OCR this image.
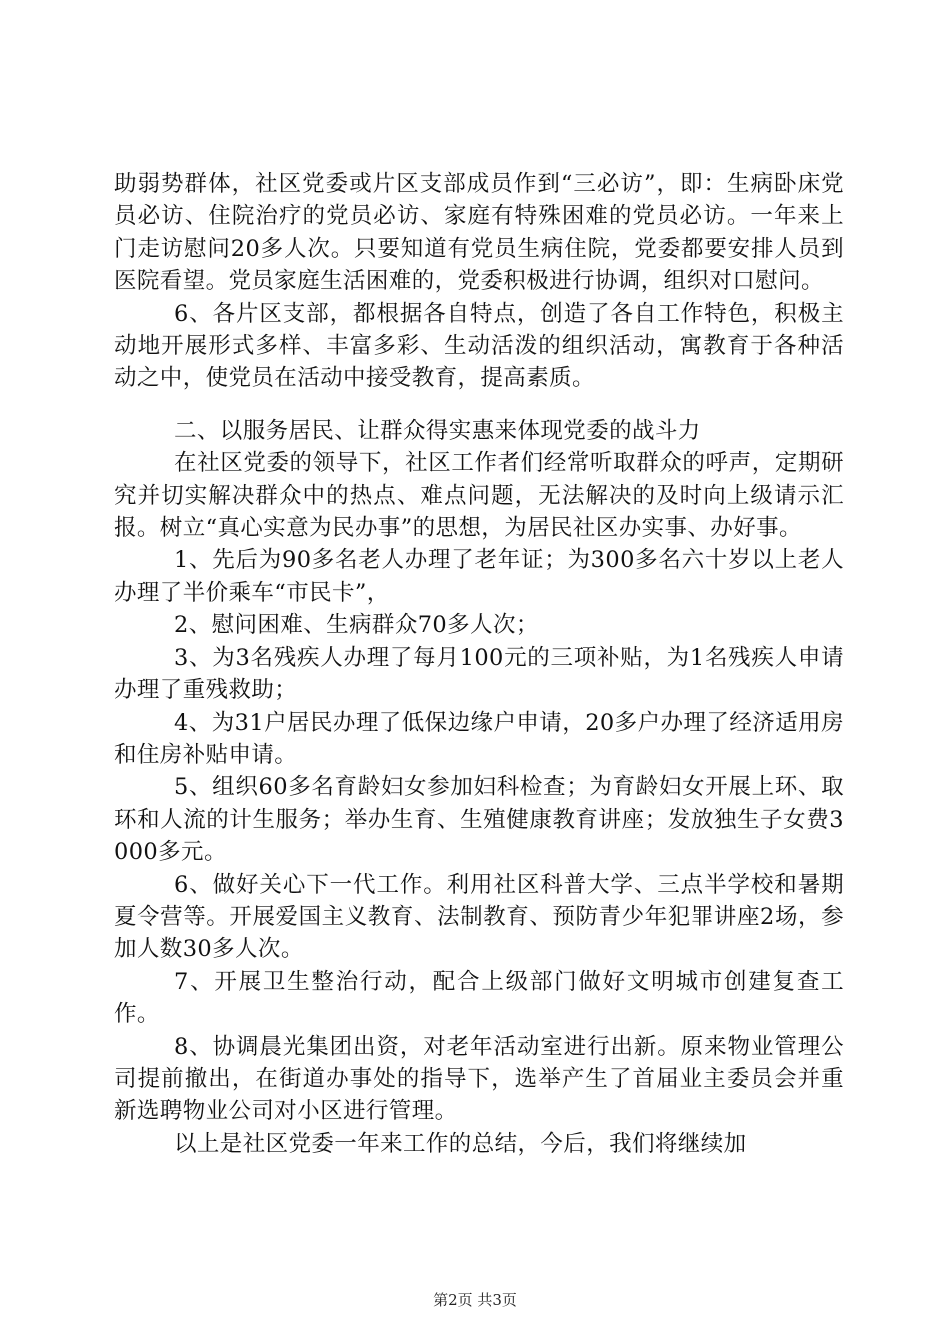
助弱势群体，社区党委或片区支部成员作到“三必访”，即：生病卧床党员必访、住院治疗的党员必访、家庭有特殊困难的党员必访。一年来上门走访慰问20多人次。只要知道有党员生病住院，党委都要安排人员到医院看望。党员家庭生活困难的，党委积极进行协调，组织对口慰问。

6、各片区支部，都根据各自特点，创造了各自工作特色，积极主动地开展形式多样、丰富多彩、生动活泼的组织活动，寓教育于各种活动之中，使党员在活动中接受教育，提高素质。

二、以服务居民、让群众得实惠来体现党委的战斗力

在社区党委的领导下，社区工作者们经常听取群众的呼声，定期研究并切实解决群众中的热点、难点问题，无法解决的及时向上级请示汇报。树立“真心实意为民办事”的思想，为居民社区办实事、办好事。

1、先后为90多名老人办理了老年证；为300多名六十岁以上老人办理了半价乘车“市民卡”，

2、慰问困难、生病群众70多人次；

3、为3名残疾人办理了每月100元的三项补贴，为1名残疾人申请办理了重残救助；

4、为31户居民办理了低保边缘户申请，20多户办理了经济适用房和住房补贴申请。

5、组织60多名育龄妇女参加妇科检查；为育龄妇女开展上环、取环和人流的计生服务；举办生育、生殖健康教育讲座；发放独生子女费3000多元。

6、做好关心下一代工作。利用社区科普大学、三点半学校和暑期夏令营等。开展爱国主义教育、法制教育、预防青少年犯罪讲座2场，参加人数30多人次。

7、开展卫生整治行动，配合上级部门做好文明城市创建复查工作。

8、协调晨光集团出资，对老年活动室进行出新。原来物业管理公司提前撤出，在街道办事处的指导下，选举产生了首届业主委员会并重新选聘物业公司对小区进行管理。

以上是社区党委一年来工作的总结，今后，我们将继续加

第2页 共3页
